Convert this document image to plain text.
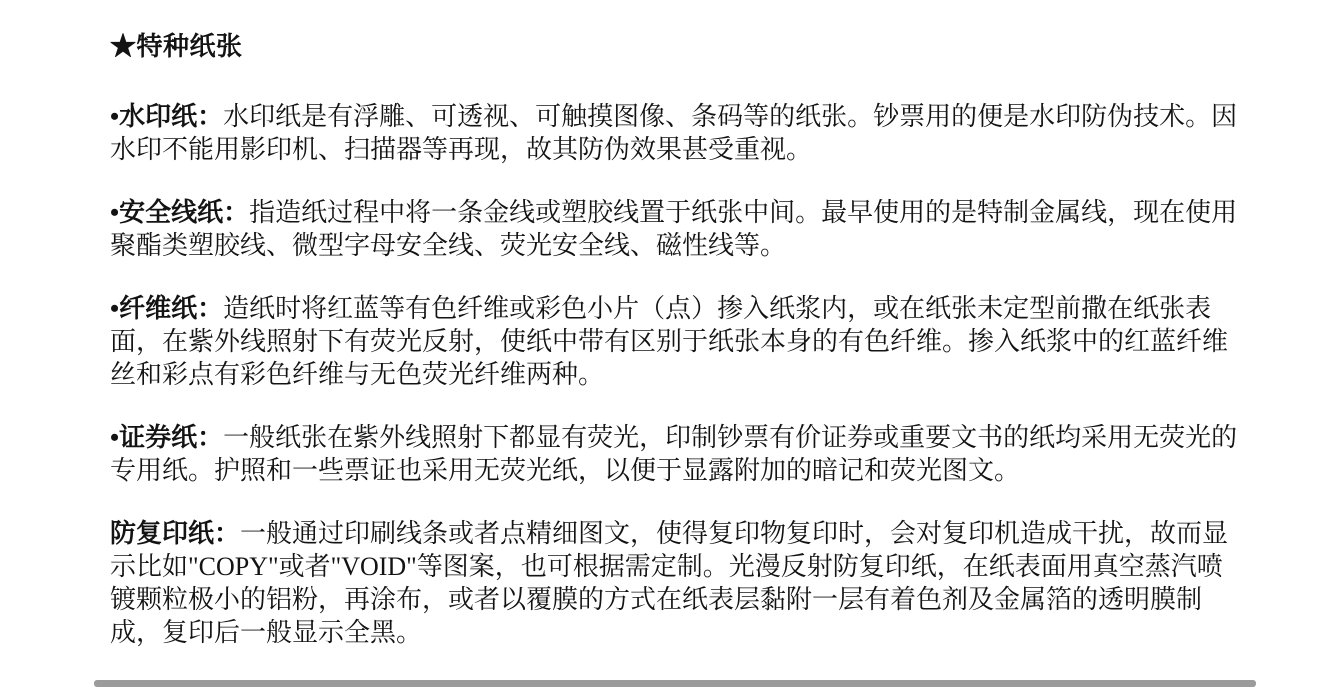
★特种纸张
•水印纸：水印纸是有浮雕、可透视、可触摸图像、条码等的纸张。钞票用的便是水印防伪技术。因水印不能用影印机、扫描器等再现，故其防伪效果甚受重视。
•安全线纸：指造纸过程中将一条金线或塑胶线置于纸张中间。最早使用的是特制金属线，现在使用聚酯类塑胶线、微型字母安全线、荧光安全线、磁性线等。
•纤维纸：造纸时将红蓝等有色纤维或彩色小片（点）掺入纸浆内，或在纸张未定型前撒在纸张表面，在紫外线照射下有荧光反射，使纸中带有区别于纸张本身的有色纤维。掺入纸浆中的红蓝纤维丝和彩点有彩色纤维与无色荧光纤维两种。
•证券纸：一般纸张在紫外线照射下都显有荧光，印制钞票有价证券或重要文书的纸均采用无荧光的专用纸。护照和一些票证也采用无荧光纸，以便于显露附加的暗记和荧光图文。
防复印纸：一般通过印刷线条或者点精细图文，使得复印物复印时，会对复印机造成干扰，故而显示比如"COPY"或者"VOID"等图案，也可根据需定制。光漫反射防复印纸，在纸表面用真空蒸汽喷镀颗粒极小的铝粉，再涂布，或者以覆膜的方式在纸表层黏附一层有着色剂及金属箔的透明膜制成，复印后一般显示全黑。
